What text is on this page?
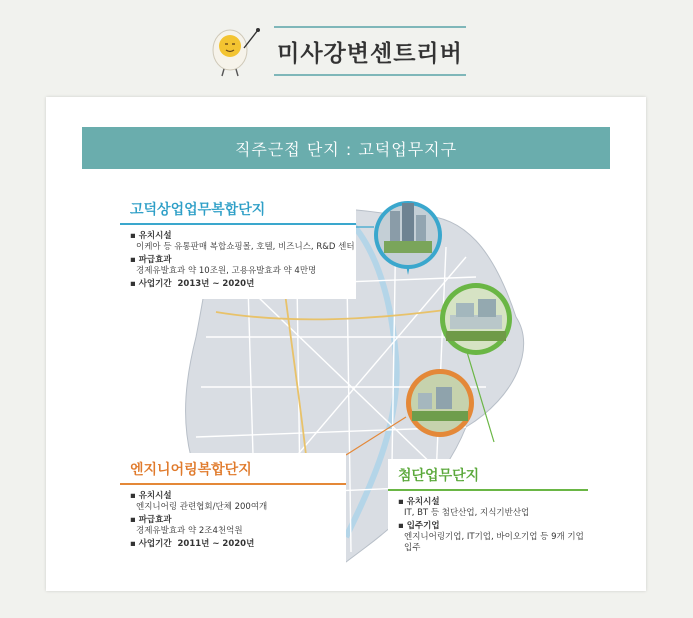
미사강변센트리버
직주근접 단지 : 고덕업무지구
고덕상업업무복합단지
▪ 유치시설
이케아 등 유통판매 복합쇼핑몰, 호텔, 비즈니스, R&D 센터
▪ 파급효과
경제유발효과 약 10조원, 고용유발효과 약 4만명
▪ 사업기간 2013년 ~ 2020년
엔지니어링복합단지
▪ 유치시설
엔지니어링 관련협회/단체 200여개
▪ 파급효과
경제유발효과 약 2조4천억원
▪ 사업기간 2011년 ~ 2020년
첨단업무단지
▪ 유치시설
IT, BT 등 첨단산업, 지식기반산업
▪ 입주기업
엔지니어링기업, IT기업, 바이오기업 등 9개 기업입주
